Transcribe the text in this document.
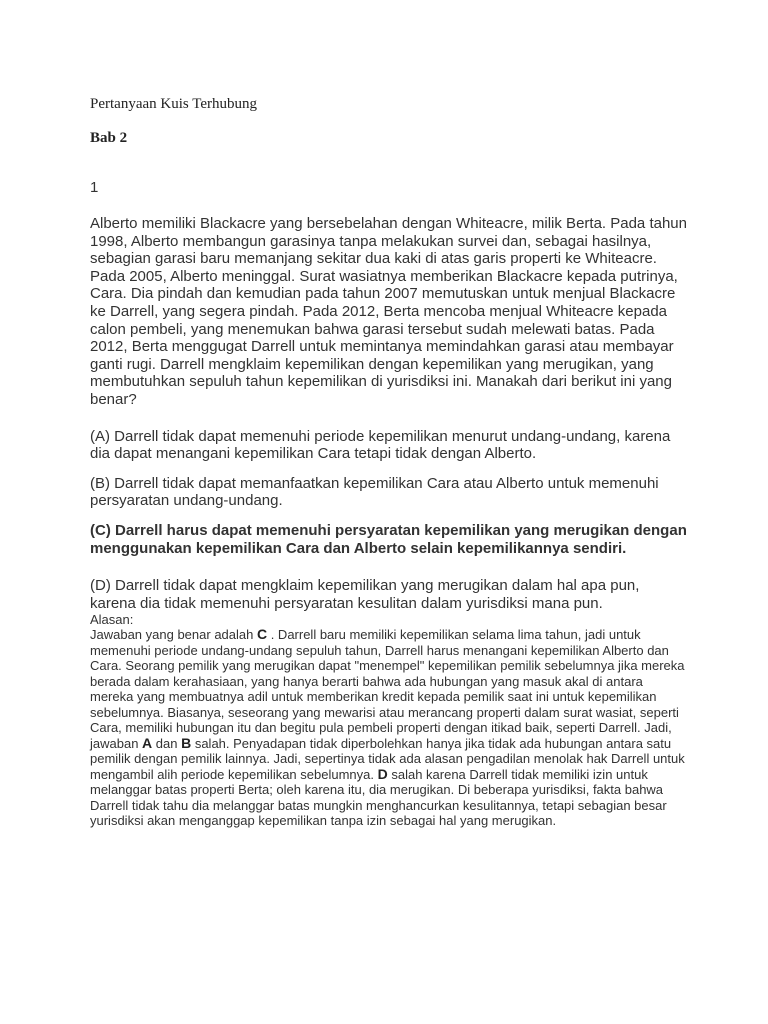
Pertanyaan Kuis Terhubung
Bab 2
1
Alberto memiliki Blackacre yang bersebelahan dengan Whiteacre, milik Berta. Pada tahun 1998, Alberto membangun garasinya tanpa melakukan survei dan, sebagai hasilnya, sebagian garasi baru memanjang sekitar dua kaki di atas garis properti ke Whiteacre. Pada 2005, Alberto meninggal. Surat wasiatnya memberikan Blackacre kepada putrinya, Cara. Dia pindah dan kemudian pada tahun 2007 memutuskan untuk menjual Blackacre ke Darrell, yang segera pindah. Pada 2012, Berta mencoba menjual Whiteacre kepada calon pembeli, yang menemukan bahwa garasi tersebut sudah melewati batas. Pada 2012, Berta menggugat Darrell untuk memintanya memindahkan garasi atau membayar ganti rugi. Darrell mengklaim kepemilikan dengan kepemilikan yang merugikan, yang membutuhkan sepuluh tahun kepemilikan di yurisdiksi ini. Manakah dari berikut ini yang benar?
(A) Darrell tidak dapat memenuhi periode kepemilikan menurut undang-undang, karena dia dapat menangani kepemilikan Cara tetapi tidak dengan Alberto.
(B) Darrell tidak dapat memanfaatkan kepemilikan Cara atau Alberto untuk memenuhi persyaratan undang-undang.
(C) Darrell harus dapat memenuhi persyaratan kepemilikan yang merugikan dengan menggunakan kepemilikan Cara dan Alberto selain kepemilikannya sendiri.
(D) Darrell tidak dapat mengklaim kepemilikan yang merugikan dalam hal apa pun, karena dia tidak memenuhi persyaratan kesulitan dalam yurisdiksi mana pun.
Alasan:
Jawaban yang benar adalah C . Darrell baru memiliki kepemilikan selama lima tahun, jadi untuk memenuhi periode undang-undang sepuluh tahun, Darrell harus menangani kepemilikan Alberto dan Cara. Seorang pemilik yang merugikan dapat "menempel" kepemilikan pemilik sebelumnya jika mereka berada dalam kerahasiaan, yang hanya berarti bahwa ada hubungan yang masuk akal di antara mereka yang membuatnya adil untuk memberikan kredit kepada pemilik saat ini untuk kepemilikan sebelumnya. Biasanya, seseorang yang mewarisi atau merancang properti dalam surat wasiat, seperti Cara, memiliki hubungan itu dan begitu pula pembeli properti dengan itikad baik, seperti Darrell. Jadi, jawaban A dan B salah. Penyadapan tidak diperbolehkan hanya jika tidak ada hubungan antara satu pemilik dengan pemilik lainnya. Jadi, sepertinya tidak ada alasan pengadilan menolak hak Darrell untuk mengambil alih periode kepemilikan sebelumnya. D salah karena Darrell tidak memiliki izin untuk melanggar batas properti Berta; oleh karena itu, dia merugikan. Di beberapa yurisdiksi, fakta bahwa Darrell tidak tahu dia melanggar batas mungkin menghancurkan kesulitannya, tetapi sebagian besar yurisdiksi akan menganggap kepemilikan tanpa izin sebagai hal yang merugikan.
